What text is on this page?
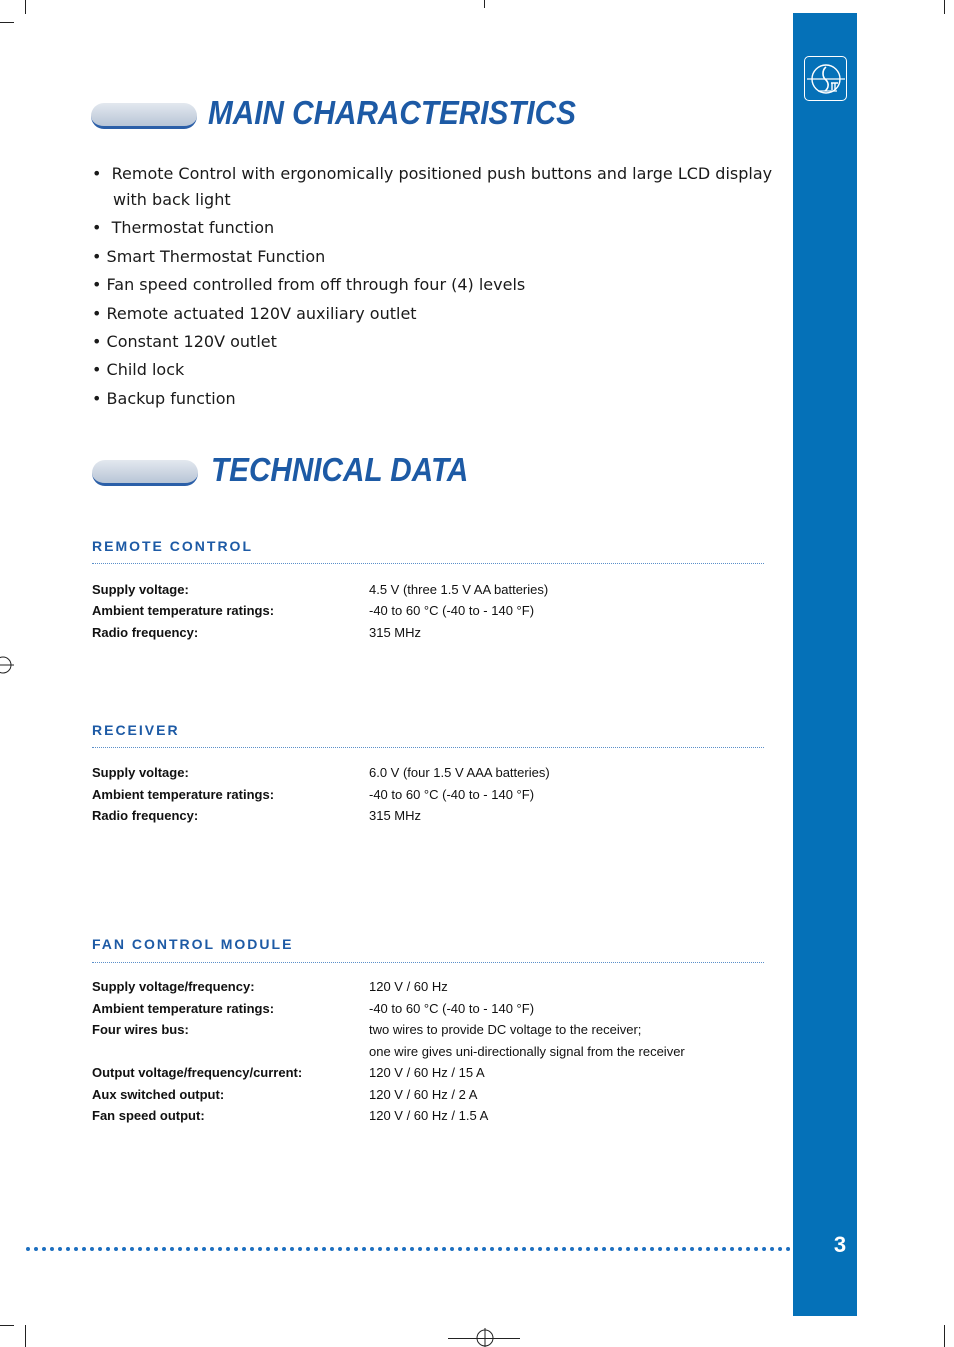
3
MAIN CHARACTERISTICS
• Remote Control with ergonomically positioned push buttons and large LCD display
with back light
• Thermostat function
• Smart Thermostat Function
• Fan speed controlled from off through four (4) levels
• Remote actuated 120V auxiliary outlet
• Constant 120V outlet
• Child lock
• Backup function
TECHNICAL DATA
REMOTE CONTROL
Supply voltage:	4.5 V (three 1.5 V AA batteries)
Ambient temperature ratings:	-40 to 60 °C (-40 to - 140 °F)
Radio frequency:	315 MHz
RECEIVER
Supply voltage:	6.0 V (four 1.5 V AAA batteries)
Ambient temperature ratings:	-40 to 60 °C (-40 to - 140 °F)
Radio frequency:	315 MHz
FAN CONTROL MODULE
Supply voltage/frequency:	120 V / 60 Hz
Ambient temperature ratings:	-40 to 60 °C (-40 to - 140 °F)
Four wires bus:	two wires to provide DC voltage to the receiver;
one wire gives uni-directionally signal from the receiver
Output voltage/frequency/current:	120 V / 60 Hz / 15 A
Aux switched output:	120 V / 60 Hz / 2 A
Fan speed output:	120 V / 60 Hz / 1.5 A
